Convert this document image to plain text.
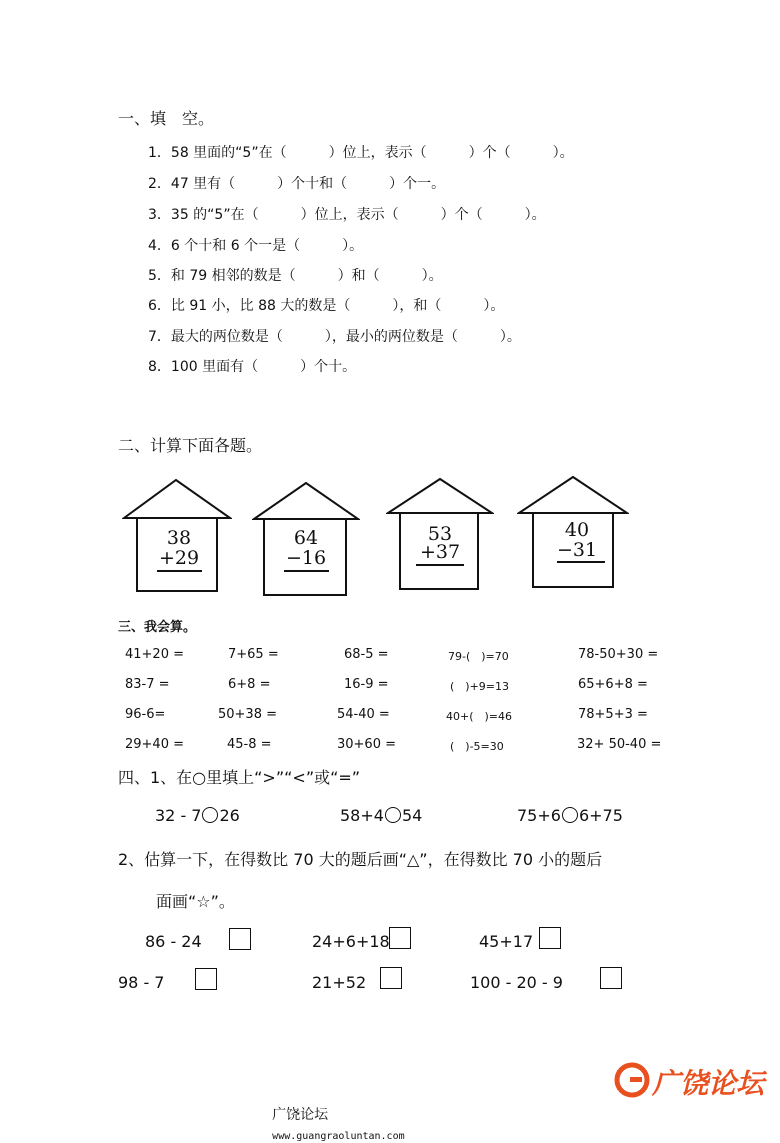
一、填　空。
1．58 里面的“5”在（　　　）位上，表示（　　　）个（　　　）。
2．47 里有（　　　）个十和（　　　）个一。
3．35 的“5”在（　　　）位上，表示（　　　）个（　　　）。
4．6 个十和 6 个一是（　　　）。
5．和 79 相邻的数是（　　　）和（　　　）。
6．比 91 小，比 88 大的数是（　　　），和（　　　）。
7．最大的两位数是（　　　），最小的两位数是（　　　）。
8．100 里面有（　　　）个十。
二、计算下面各题。
38
+29
64
−16
53
+37
40
−31
三、我会算。
41+20 =	7+65 =	68-5 =	79-(　)=70	78-50+30 =
83-7 =	6+8 =	16-9 =	(　)+9=13	65+6+8 =
96-6=	50+38 =	54-40 =	40+(　)=46	78+5+3 =
29+40 =	45-8 =	30+60 =	(　)-5=30	32+ 50-40 =
四、1、在○里填上“>”“<”或“=”
32 - 7 26	58+4 54	75+6 6+75
2、估算一下，在得数比 70 大的题后画“△”，在得数比 70 小的题后
面画“☆”。
86 - 24	24+6+18	45+17
98 - 7	21+52	100 - 20 - 9

广饶论坛
www.guangraoluntan.com

广饶论坛
